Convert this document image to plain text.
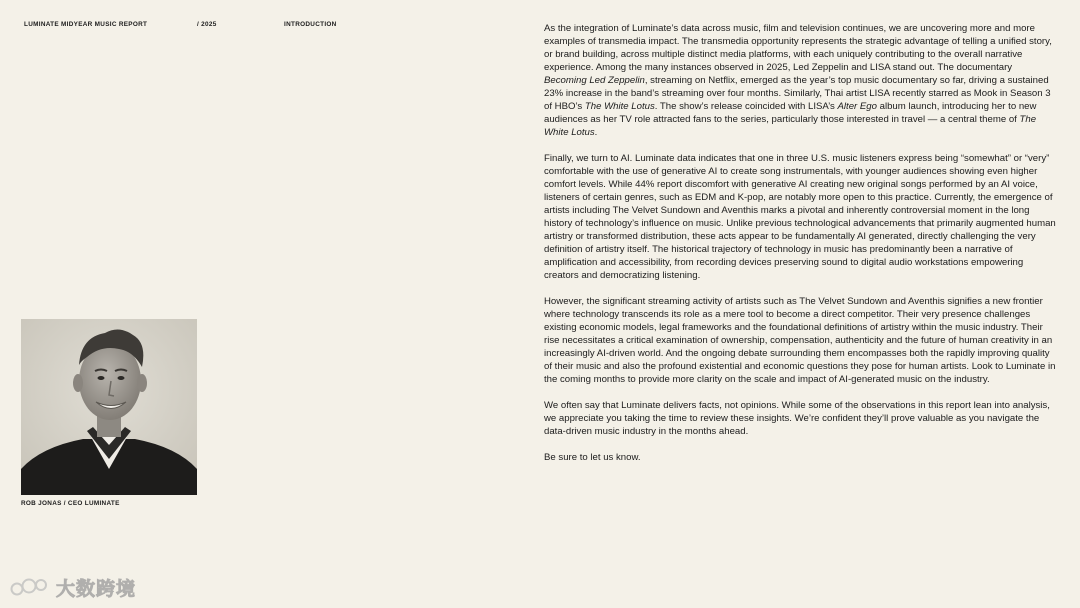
LUMINATE MIDYEAR MUSIC REPORT	/ 2025	INTRODUCTION
ROB JONAS / CEO LUMINATE

As the integration of Luminate’s data across music, film and television continues, we are uncovering more and more examples of transmedia impact. The transmedia opportunity represents the strategic advantage of telling a unified story, or brand building, across multiple distinct media platforms, with each uniquely contributing to the overall narrative experience. Among the many instances observed in 2025, Led Zeppelin and LISA stand out. The documentary Becoming Led Zeppelin, streaming on Netflix, emerged as the year’s top music documentary so far, driving a sustained 23% increase in the band’s streaming over four months. Similarly, Thai artist LISA recently starred as Mook in Season 3 of HBO’s The White Lotus. The show’s release coincided with LISA’s Alter Ego album launch, introducing her to new audiences as her TV role attracted fans to the series, particularly those interested in travel — a central theme of The White Lotus.

Finally, we turn to AI. Luminate data indicates that one in three U.S. music listeners express being “somewhat” or “very” comfortable with the use of generative AI to create song instrumentals, with younger audiences showing even higher comfort levels. While 44% report discomfort with generative AI creating new original songs performed by an AI voice, listeners of certain genres, such as EDM and K-pop, are notably more open to this practice. Currently, the emergence of artists including The Velvet Sundown and Aventhis marks a pivotal and inherently controversial moment in the long history of technology’s influence on music. Unlike previous technological advancements that primarily augmented human artistry or transformed distribution, these acts appear to be fundamentally AI generated, directly challenging the very definition of artistry itself. The historical trajectory of technology in music has predominantly been a narrative of amplification and accessibility, from recording devices preserving sound to digital audio workstations empowering creators and democratizing listening.

However, the significant streaming activity of artists such as The Velvet Sundown and Aventhis signifies a new frontier where technology transcends its role as a mere tool to become a direct competitor. Their very presence challenges existing economic models, legal frameworks and the foundational definitions of artistry within the music industry. Their rise necessitates a critical examination of ownership, compensation, authenticity and the future of human creativity in an increasingly AI-driven world. And the ongoing debate surrounding them encompasses both the rapidly improving quality of their music and also the profound existential and economic questions they pose for human artists. Look to Luminate in the coming months to provide more clarity on the scale and impact of AI-generated music on the industry.

We often say that Luminate delivers facts, not opinions. While some of the observations in this report lean into analysis, we appreciate you taking the time to review these insights. We’re confident they’ll prove valuable as you navigate the data-driven music industry in the months ahead.

Be sure to let us know.

大数跨境
